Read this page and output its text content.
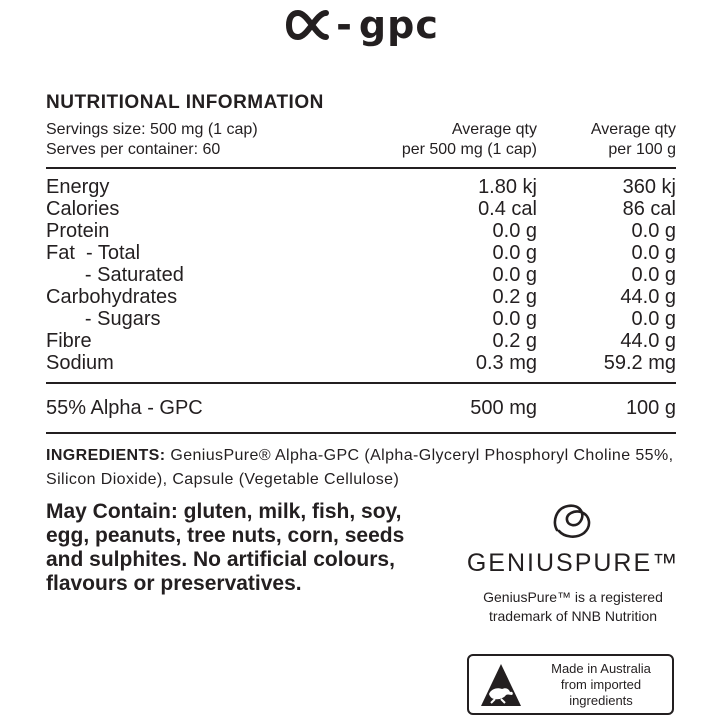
- gpc
NUTRITIONAL INFORMATION
Servings size: 500 mg (1 cap)
Serves per container: 60
Average qty
per 500 mg (1 cap)
Average qty
per 100 g
Energy	1.80 kj	360 kj
Calories	0.4 cal	86 cal
Protein	0.0 g	0.0 g
Fat  - Total	0.0 g	0.0 g
- Saturated	0.0 g	0.0 g
Carbohydrates	0.2 g	44.0 g
- Sugars	0.0 g	0.0 g
Fibre	0.2 g	44.0 g
Sodium	0.3 mg	59.2 mg
55% Alpha - GPC	500 mg	100 g
INGREDIENTS: GeniusPure® Alpha-GPC (Alpha-Glyceryl Phosphoryl Choline 55%, Silicon Dioxide), Capsule (Vegetable Cellulose)
May Contain: gluten, milk, fish, soy, egg, peanuts, tree nuts, corn, seeds and sulphites. No artificial colours, flavours or preservatives.
GENIUSPURE™
GeniusPure™ is a registered
trademark of NNB Nutrition
Made in Australia
from imported
ingredients
